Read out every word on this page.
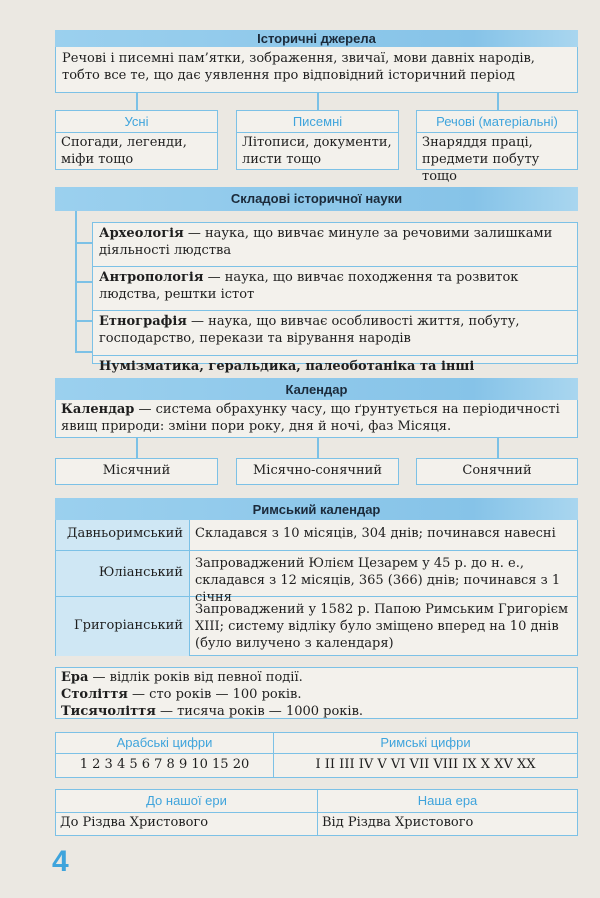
Історичні джерела
Речові і писемні пам’ятки, зображення, звичаї, мови давніх народів, тобто все те, що дає уявлення про відповідний історичний період
Усні
Спогади, легенди, міфи тощо
Писемні
Літописи, документи, листи тощо
Речові (матеріальні)
Знаряддя праці, предмети побуту тощо
Складові історичної науки
Археологія — наука, що вивчає минуле за речовими залишками діяльності людства
Антропологія — наука, що вивчає походження та розвиток людства, рештки істот
Етнографія — наука, що вивчає особливості життя, побуту, господарство, перекази та вірування народів
Нумізматика, геральдика, палеоботаніка та інші
Календар
Календар — система обрахунку часу, що ґрунтується на періодичності явищ природи: зміни пори року, дня й ночі, фаз Місяця.
Місячний	Місячно-сонячний	Сонячний
Римський календар
Давньоримський Складався з 10 місяців, 304 днів; починався навесні
Юліанський
Запроваджений Юлієм Цезарем у 45 р. до н. е., складався з 12 місяців, 365 (366) днів; починався з 1 січня
Григоріанський
Запроваджений у 1582 р. Папою Римським Григорієм XIII; систему відліку було зміщено вперед на 10 днів (було вилучено з календаря)
Ера — відлік років від певної події.
Століття — сто років — 100 років.
Тисячоліття — тисяча років — 1000 років.
Арабські цифри
1 2 3 4 5 6 7 8 9 10 15 20
Римські цифри
I II III IV V VI VII VIII IX X XV XX
До нашої ери
До Різдва Христового
Наша ера
Від Різдва Христового
4
